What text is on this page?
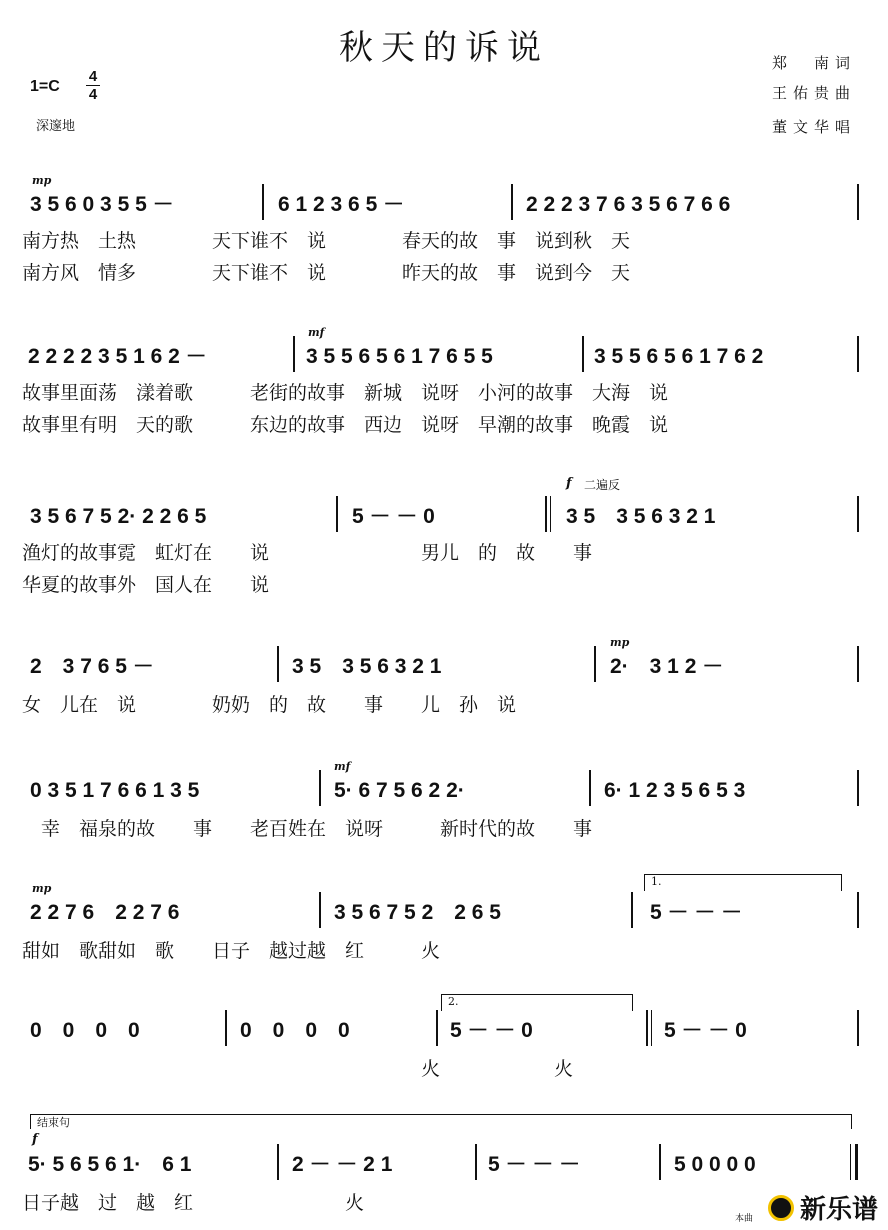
秋天的诉说
1=C
4
4
深邃地
郑　南词
王佑贵曲
董文华唱
mp
3 5 6 0 3 5 5 －	6 1 2 3 6 5 －	2 2 2 3 7 6 3 5 6 7 6 6
南方热　土热　　　　天下谁不　说　　　　春天的故　事　说到秋　天
南方风　情多　　　　天下谁不　说　　　　昨天的故　事　说到今　天
mf
2 2 2 2 3 5 1 6 2 －	3 5 5 6 5 6 1 7 6 5 5	3 5 5 6 5 6 1 7 6 2
故事里面荡　漾着歌　　　老街的故事　新城　说呀　小河的故事　大海　说
故事里有明　天的歌　　　东边的故事　西边　说呀　早潮的故事　晚霞　说
f 二遍反
3 5 6 7 5 2· 2 2 6 5	5 － － 0	3 5　3 5 6 3 2 1
渔灯的故事霓　虹灯在　　说　　　　　　　　男儿　的　故　　事
华夏的故事外　国人在　　说
mp
2　3 7 6 5 －	3 5　3 5 6 3 2 1	2·　3 1 2 －
女　儿在　说　　　　奶奶　的　故　　事　　儿　孙　说
mf
0 3 5 1 7 6 6 1 3 5	5· 6 7 5 6 2 2·	6· 1 2 3 5 6 5 3
　幸　福泉的故　　事　　老百姓在　说呀　　　新时代的故　　事
mp
1.
2 2 7 6　2 2 7 6	3 5 6 7 5 2　2 6 5	5 － － －
甜如　歌甜如　歌　　日子　越过越　红　　　火
2.
0　0　0　0	0　0　0　0	5 － － 0	5 － － 0
　　　　　　　　　　　　　　　　　　　　　火　　　　　　火
结束句
f
5· 5 6 5 6 1·　6 1	2 － － 2 1	5 － － －	5 0 0 0 0
日子越　过　越　红　　　　　　　　火
本曲 新乐谱
